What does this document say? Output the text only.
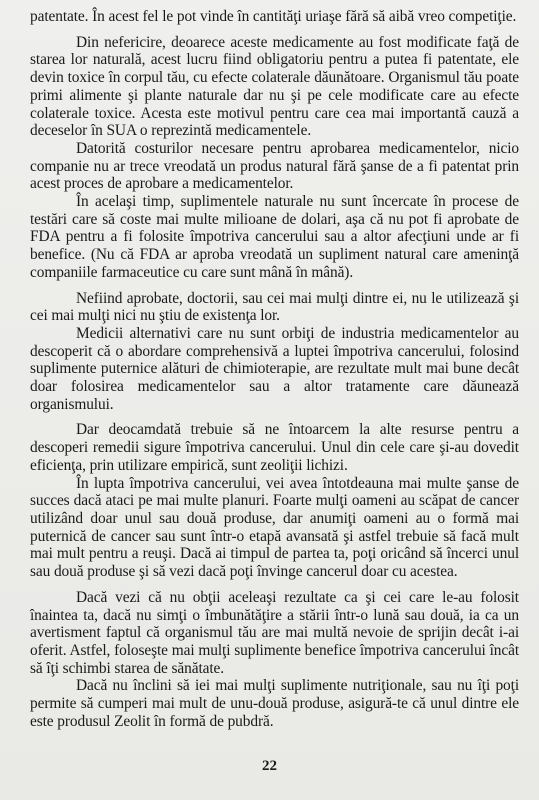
patentate. În acest fel le pot vinde în cantităţi uriaşe fără să aibă vreo competiţie.

Din nefericire, deoarece aceste medicamente au fost modificate faţă de starea lor naturală, acest lucru fiind obligatoriu pentru a putea fi patentate, ele devin toxice în corpul tău, cu efecte colaterale dăunătoare. Organismul tău poate primi alimente şi plante naturale dar nu şi pe cele modificate care au efecte colaterale toxice. Acesta este motivul pentru care cea mai importantă cauză a deceselor în SUA o reprezintă medicamentele.

Datorită costurilor necesare pentru aprobarea medicamentelor, nicio companie nu ar trece vreodată un produs natural fără şanse de a fi patentat prin acest proces de aprobare a medicamentelor.

În acelaşi timp, suplimentele naturale nu sunt încercate în procese de testări care să coste mai multe milioane de dolari, aşa că nu pot fi aprobate de FDA pentru a fi folosite împotriva cancerului sau a altor afecţiuni unde ar fi benefice. (Nu că FDA ar aproba vreodată un supliment natural care ameninţă companiile farmaceutice cu care sunt mână în mână).

Nefiind aprobate, doctorii, sau cei mai mulţi dintre ei, nu le utilizează şi cei mai mulţi nici nu ştiu de existenţa lor.

Medicii alternativi care nu sunt orbiţi de industria medicamentelor au descoperit că o abordare comprehensivă a luptei împotriva cancerului, folosind suplimente puternice alături de chimioterapie, are rezultate mult mai bune decât doar folosirea medicamentelor sau a altor tratamente care dăunează organismului.

Dar deocamdată trebuie să ne întoarcem la alte resurse pentru a descoperi remedii sigure împotriva cancerului. Unul din cele care şi-au dovedit eficienţa, prin utilizare empirică, sunt zeoliţii lichizi.

În lupta împotriva cancerului, vei avea întotdeauna mai multe şanse de succes dacă ataci pe mai multe planuri. Foarte mulţi oameni au scăpat de cancer utilizând doar unul sau două produse, dar anumiţi oameni au o formă mai puternică de cancer sau sunt într-o etapă avansată şi astfel trebuie să facă mult mai mult pentru a reuşi. Dacă ai timpul de partea ta, poţi oricând să încerci unul sau două produse şi să vezi dacă poţi învinge cancerul doar cu acestea.

Dacă vezi că nu obţii aceleaşi rezultate ca şi cei care le-au folosit înaintea ta, dacă nu simţi o îmbunătăţire a stării într-o lună sau două, ia ca un avertisment faptul că organismul tău are mai multă nevoie de sprijin decât i-ai oferit. Astfel, foloseşte mai mulţi suplimente benefice împotriva cancerului încât să îţi schimbi starea de sănătate.

Dacă nu înclini să iei mai mulţi suplimente nutriţionale, sau nu îţi poţi permite să cumperi mai mult de unu-două produse, asigură-te că unul dintre ele este produsul Zeolit în formă de pubdră.

22
